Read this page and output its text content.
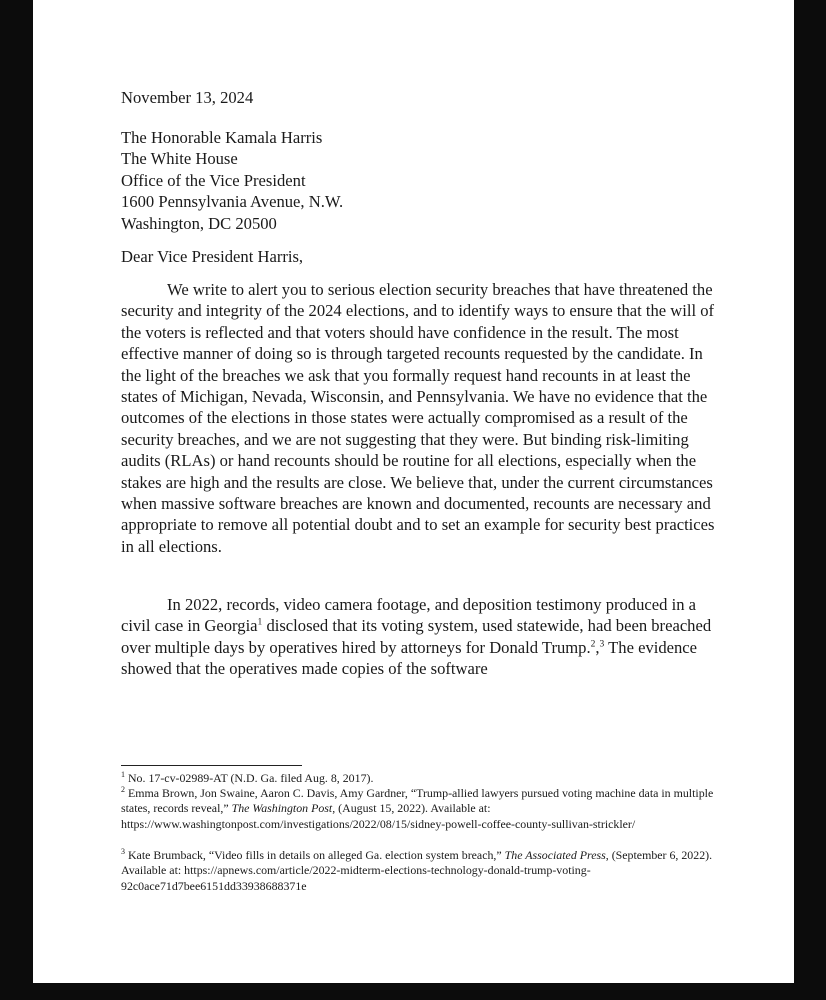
November 13, 2024
The Honorable Kamala Harris
The White House
Office of the Vice President
1600 Pennsylvania Avenue, N.W.
Washington, DC 20500
Dear Vice President Harris,
We write to alert you to serious election security breaches that have threatened the security and integrity of the 2024 elections, and to identify ways to ensure that the will of the voters is reflected and that voters should have confidence in the result. The most effective manner of doing so is through targeted recounts requested by the candidate. In the light of the breaches we ask that you formally request hand recounts in at least the states of Michigan, Nevada, Wisconsin, and Pennsylvania. We have no evidence that the outcomes of the elections in those states were actually compromised as a result of the security breaches, and we are not suggesting that they were. But binding risk-limiting audits (RLAs) or hand recounts should be routine for all elections, especially when the stakes are high and the results are close. We believe that, under the current circumstances when massive software breaches are known and documented, recounts are necessary and appropriate to remove all potential doubt and to set an example for security best practices in all elections.
In 2022, records, video camera footage, and deposition testimony produced in a civil case in Georgia$^1$ disclosed that its voting system, used statewide, had been breached over multiple days by operatives hired by attorneys for Donald Trump.$^2$,$^3$ The evidence showed that the operatives made copies of the software
$^1$ No. 17-cv-02989-AT (N.D. Ga. filed Aug. 8, 2017).
$^2$ Emma Brown, Jon Swaine, Aaron C. Davis, Amy Gardner, “Trump-allied lawyers pursued voting machine data in multiple states, records reveal,” The Washington Post, (August 15, 2022). Available at: https://www.washingtonpost.com/investigations/2022/08/15/sidney-powell-coffee-county-sullivan-strickler/
$^3$ Kate Brumback, “Video fills in details on alleged Ga. election system breach,” The Associated Press, (September 6, 2022). Available at: https://apnews.com/article/2022-midterm-elections-technology-donald-trump-voting-92c0ace71d7bee6151dd33938688371e
